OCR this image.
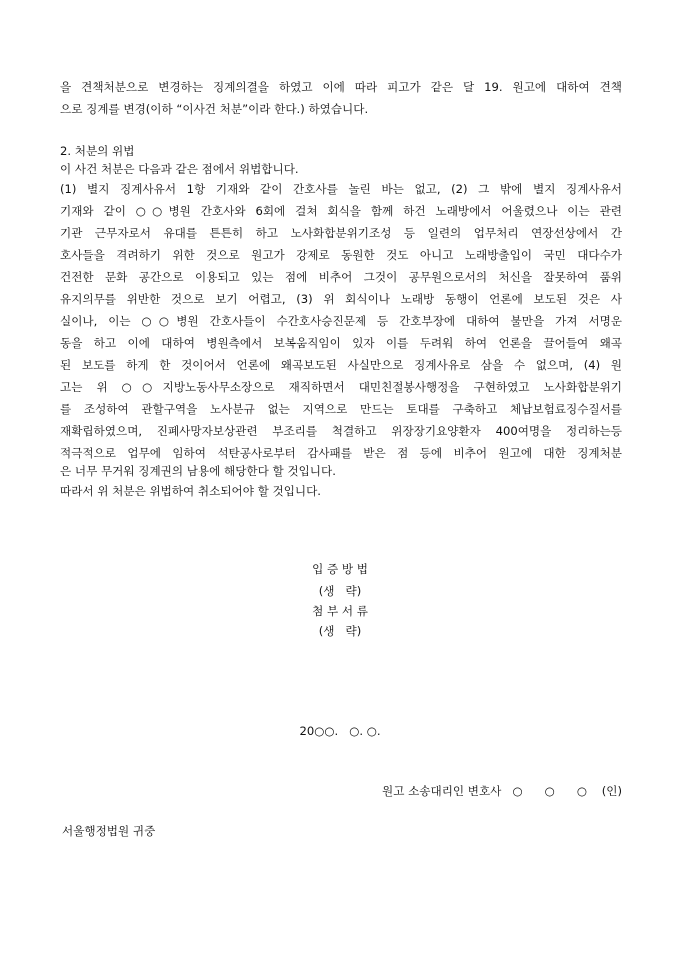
을 견책처분으로 변경하는 징계의결을 하였고 이에 따라 피고가 같은 달 19. 원고에 대하여 견책
으로 징계를 변경(이하 “이사건 처분”이라 한다.) 하였습니다.
2. 처분의 위법
이 사건 처분은 다음과 같은 점에서 위법합니다.
(1) 별지 징계사유서 1항 기재와 같이 간호사를 놀린 바는 없고, (2) 그 밖에 별지 징계사유서
기재와 같이 ○○병원 간호사와 6회에 걸쳐 회식을 함께 하건 노래방에서 어울렸으나 이는 관련
기관 근무자로서 유대를 튼튼히 하고 노사화합분위기조성 등 일련의 업무처리 연장선상에서 간
호사들을 격려하기 위한 것으로 원고가 강제로 동원한 것도 아니고 노래방출입이 국민 대다수가
건전한 문화 공간으로 이용되고 있는 점에 비추어 그것이 공무원으로서의 처신을 잘못하여 품위
유지의무를 위반한 것으로 보기 어렵고, (3) 위 회식이나 노래방 동행이 언론에 보도된 것은 사
실이나, 이는 ○○병원 간호사들이 수간호사승진문제 등 간호부장에 대하여 불만을 가져 서명운
동을 하고 이에 대하여 병원측에서 보복움직임이 있자 이를 두려워 하여 언론을 끌어들여 왜곡
된 보도를 하게 한 것이어서 언론에 왜곡보도된 사실만으로 징계사유로 삼을 수 없으며, (4) 원
고는 위 ○○지방노동사무소장으로 재직하면서 대민친절봉사행정을 구현하였고 노사화합분위기
를 조성하여 관할구역을 노사분규 없는 지역으로 만드는 토대를 구축하고 체납보험료징수질서를
재확립하였으며, 진폐사망자보상관련 부조리를 척결하고 위장장기요양환자 400여명을 정리하는등
적극적으로 업무에 임하여 석탄공사로부터 감사패를 받은 점 등에 비추어 원고에 대한 징계처분
은 너무 무거워 징계권의 남용에 해당한다 할 것입니다.
따라서 위 처분은 위법하여 취소되어야 할 것입니다.
입 증 방 법
(생   략)
첨 부 서 류
(생   략)
20○○.   ○. ○.
원고 소송대리인 변호사   ○      ○      ○    (인)
서울행정법원 귀중
